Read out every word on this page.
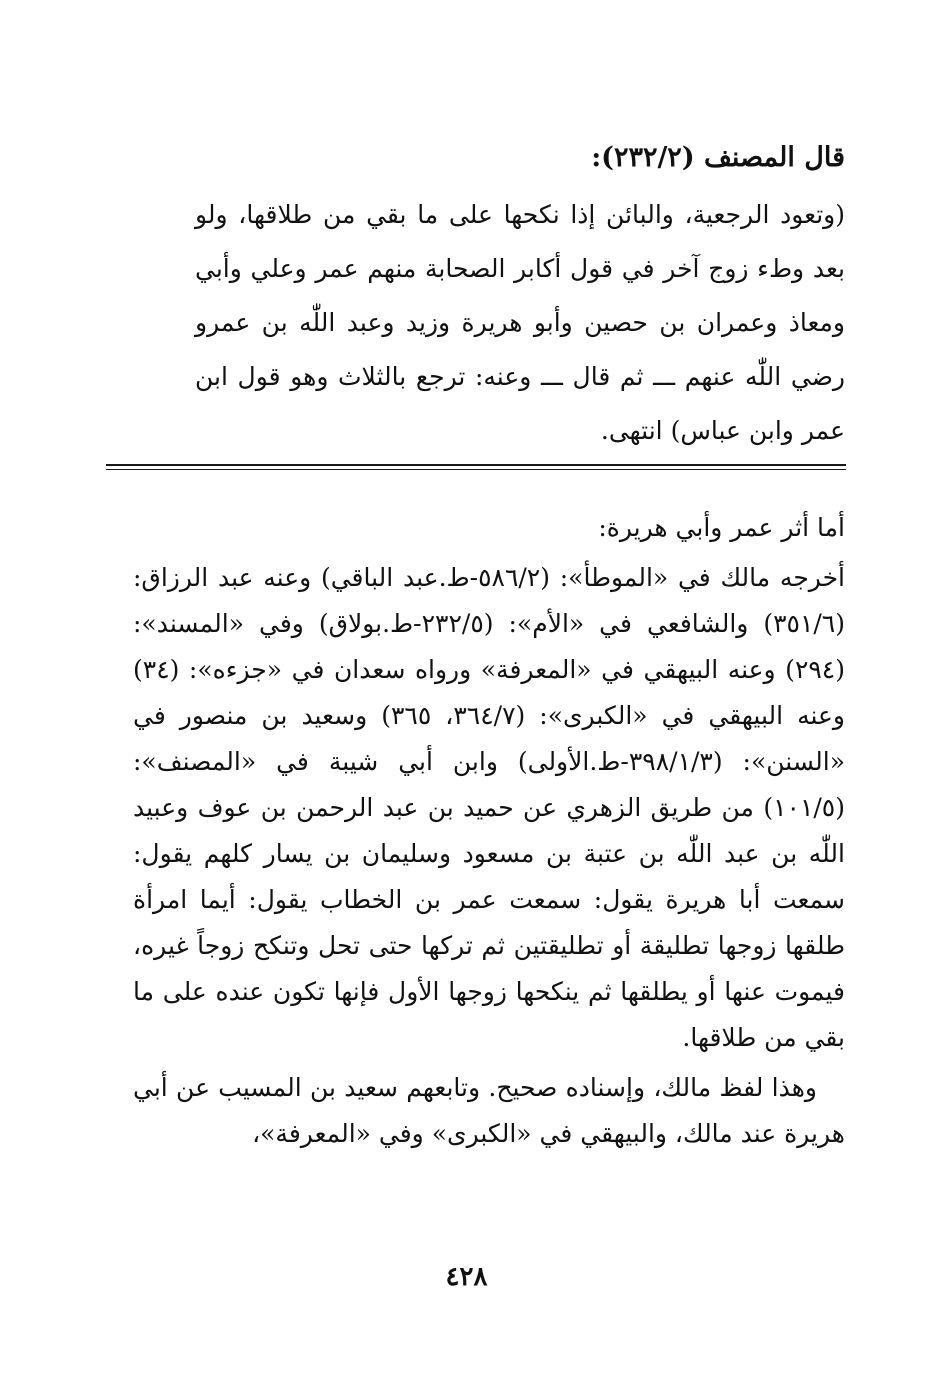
قال المصنف (٢٣٢/٢):

(وتعود الرجعية، والبائن إذا نكحها على ما بقي من طلاقها، ولو بعد وطء زوج آخر في قول أكابر الصحابة منهم عمر وعلي وأبي ومعاذ وعمران بن حصين وأبو هريرة وزيد وعبد اللّٰه بن عمرو رضي اللّٰه عنهم ـــ ثم قال ـــ وعنه: ترجع بالثلاث وهو قول ابن عمر وابن عباس) انتهى.

أما أثر عمر وأبي هريرة:

أخرجه مالك في «الموطأ»: (٥٨٦/٢-ط.عبد الباقي) وعنه عبد الرزاق: (٣٥١/٦) والشافعي في «الأم»: (٢٣٢/٥-ط.بولاق) وفي «المسند»: (٢٩٤) وعنه البيهقي في «المعرفة» ورواه سعدان في «جزءه»: (٣٤) وعنه البيهقي في «الكبرى»: (٣٦٤/٧، ٣٦٥) وسعيد بن منصور في «السنن»: (٣٩٨/١/٣-ط.الأولى) وابن أبي شيبة في «المصنف»: (١٠١/٥) من طريق الزهري عن حميد بن عبد الرحمن بن عوف وعبيد اللّٰه بن عبد اللّٰه بن عتبة بن مسعود وسليمان بن يسار كلهم يقول: سمعت أبا هريرة يقول: سمعت عمر بن الخطاب يقول: أيما امرأة طلقها زوجها تطليقة أو تطليقتين ثم تركها حتى تحل وتنكح زوجاً غيره، فيموت عنها أو يطلقها ثم ينكحها زوجها الأول فإنها تكون عنده على ما بقي من طلاقها.

وهذا لفظ مالك، وإسناده صحيح. وتابعهم سعيد بن المسيب عن أبي هريرة عند مالك، والبيهقي في «الكبرى» وفي «المعرفة»،

٤٢٨
